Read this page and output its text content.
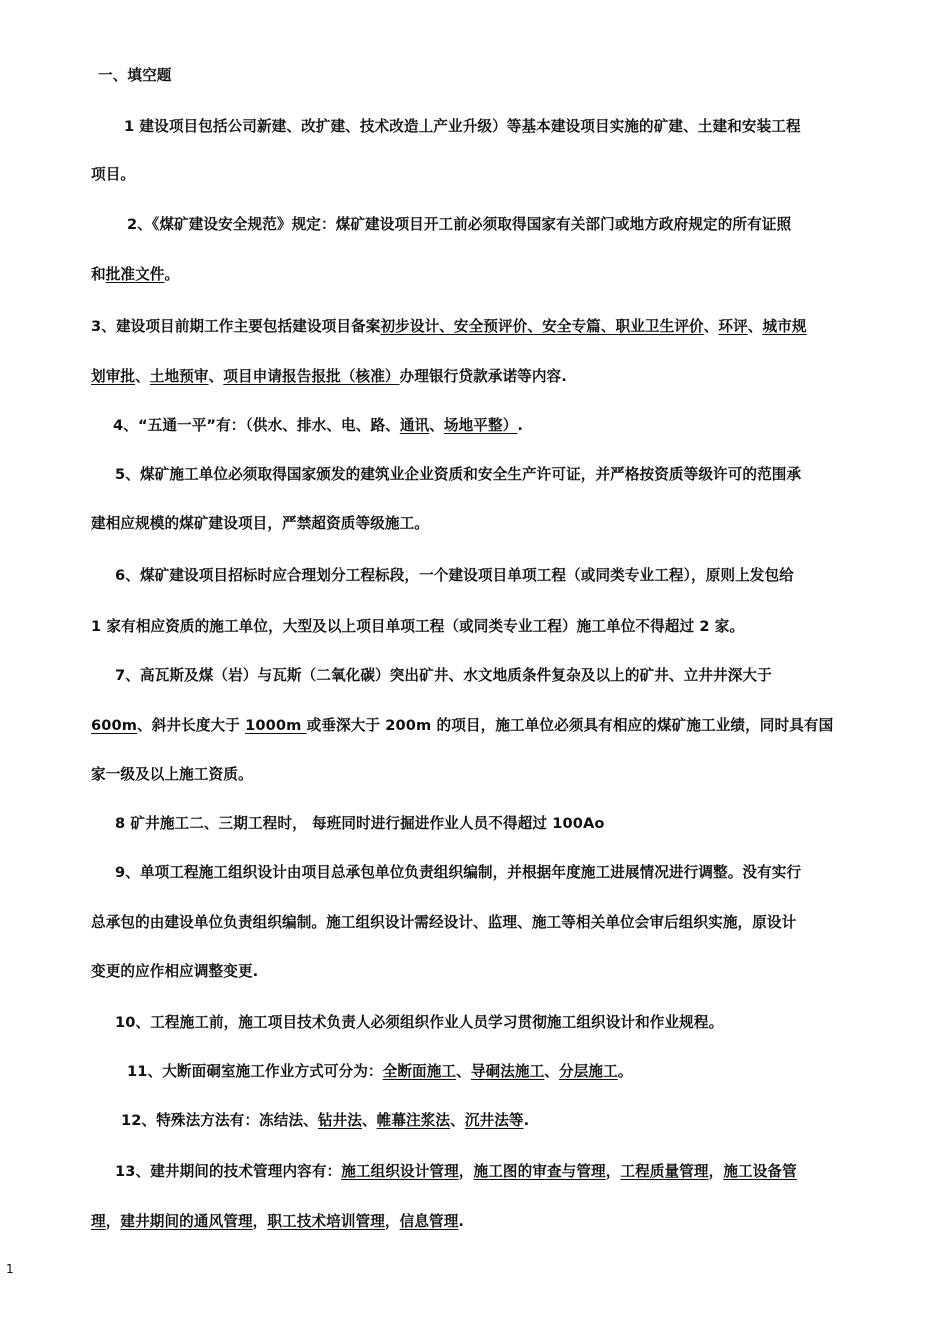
一、填空题
1 建设项目包括公司新建、改扩建、技术改造丄产业升级）等基本建设项目实施的矿建、土建和安装工程
项目。
2、《煤矿建设安全规范》规定：煤矿建设项目开工前必须取得国家有关部门或地方政府规定的所有证照
和批准文件。
3、建设项目前期工作主要包括建设项目备案初步设计、安全预评价、安全专篇、职业卫生评价、环评、城市规
划审批、土地预审、项目申请报告报批（核准）办理银行贷款承诺等内容.
4、“五通一平”有：（供水、排水、电、路、通讯、场地平整）.
5、煤矿施工单位必须取得国家颁发的建筑业企业资质和安全生产许可证，并严格按资质等级许可的范围承
建相应规模的煤矿建设项目，严禁超资质等级施工。
6、煤矿建设项目招标时应合理划分工程标段，一个建设项目单项工程（或同类专业工程），原则上发包给
1 家有相应资质的施工单位，大型及以上项目单项工程（或同类专业工程）施工单位不得超过 2 家。
7、高瓦斯及煤（岩）与瓦斯（二氧化碳）突出矿井、水文地质条件复杂及以上的矿井、立井井深大于
600m、斜井长度大于 1000m 或垂深大于 200m 的项目，施工单位必须具有相应的煤矿施工业绩，同时具有国
家一级及以上施工资质。
8 矿井施工二、三期工程时， 每班同时进行掘进作业人员不得超过 100Ao
9、单项工程施工组织设计由项目总承包单位负责组织编制，并根据年度施工进展情况进行调整。没有实行
总承包的由建设单位负责组织编制。施工组织设计需经设计、监理、施工等相关单位会审后组织实施，原设计
变更的应作相应调整变更.
10、工程施工前，施工项目技术负责人必须组织作业人员学习贯彻施工组织设计和作业规程。
11、大断面硐室施工作业方式可分为：全断面施工、导硐法施工、分层施工。
12、特殊法方法有：冻结法、钻井法、帷幕注浆法、沉井法等.
13、建井期间的技术管理内容有：施工组织设计管理，施工图的审查与管理，工程质量管理，施工设备管
理，建井期间的通风管理，职工技术培训管理，信息管理.
1
